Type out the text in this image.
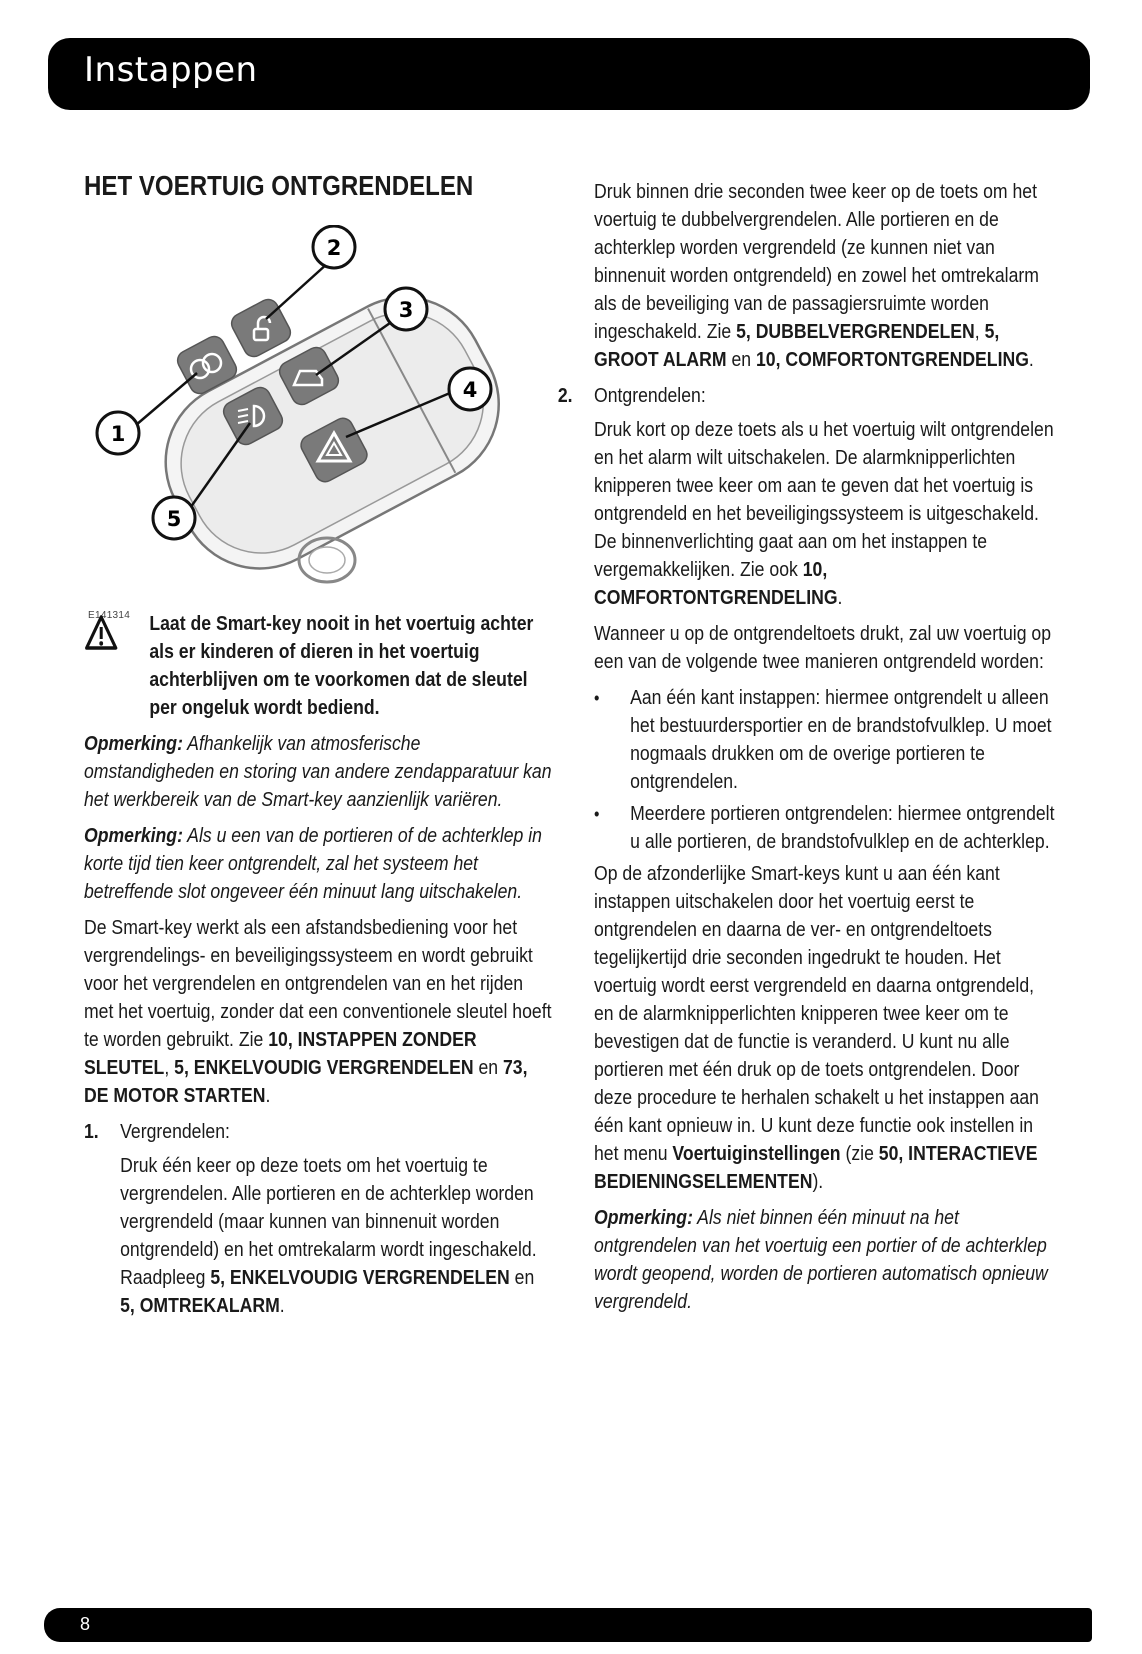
Instappen
HET VOERTUIG ONTGRENDELEN
1
2
3
4
5
E141314 Laat de Smart-key nooit in het voertuig achter als er kinderen of dieren in het voertuig achterblijven om te voorkomen dat de sleutel per ongeluk wordt bediend.

Opmerking: Afhankelijk van atmosferische omstandigheden en storing van andere zendapparatuur kan het werkbereik van de Smart-key aanzienlijk variëren.

Opmerking: Als u een van de portieren of de achterklep in korte tijd tien keer ontgrendelt, zal het systeem het betreffende slot ongeveer één minuut lang uitschakelen.

De Smart-key werkt als een afstandsbediening voor het vergrendelings- en beveiligingssysteem en wordt gebruikt voor het vergrendelen en ontgrendelen van en het rijden met het voertuig, zonder dat een conventionele sleutel hoeft te worden gebruikt. Zie 10, INSTAPPEN ZONDER SLEUTEL, 5, ENKELVOUDIG VERGRENDELEN en 73, DE MOTOR STARTEN.

1. Vergrendelen:

Druk één keer op deze toets om het voertuig te vergrendelen. Alle portieren en de achterklep worden vergrendeld (maar kunnen van binnenuit worden ontgrendeld) en het omtrekalarm wordt ingeschakeld. Raadpleeg 5, ENKELVOUDIG VERGRENDELEN en 5, OMTREKALARM.

Druk binnen drie seconden twee keer op de toets om het voertuig te dubbelvergrendelen. Alle portieren en de achterklep worden vergrendeld (ze kunnen niet van binnenuit worden ontgrendeld) en zowel het omtrekalarm als de beveiliging van de passagiersruimte worden ingeschakeld. Zie 5, DUBBELVERGRENDELEN, 5, GROOT ALARM en 10, COMFORTONTGRENDELING.

2. Ontgrendelen:

Druk kort op deze toets als u het voertuig wilt ontgrendelen en het alarm wilt uitschakelen. De alarmknipperlichten knipperen twee keer om aan te geven dat het voertuig is ontgrendeld en het beveiligingssysteem is uitgeschakeld. De binnenverlichting gaat aan om het instappen te vergemakkelijken. Zie ook 10, COMFORTONTGRENDELING.

Wanneer u op de ontgrendeltoets drukt, zal uw voertuig op een van de volgende twee manieren ontgrendeld worden:

• Aan één kant instappen: hiermee ontgrendelt u alleen het bestuurdersportier en de brandstofvulklep. U moet nogmaals drukken om de overige portieren te ontgrendelen.
• Meerdere portieren ontgrendelen: hiermee ontgrendelt u alle portieren, de brandstofvulklep en de achterklep.

Op de afzonderlijke Smart-keys kunt u aan één kant instappen uitschakelen door het voertuig eerst te ontgrendelen en daarna de ver- en ontgrendeltoets tegelijkertijd drie seconden ingedrukt te houden. Het voertuig wordt eerst vergrendeld en daarna ontgrendeld, en de alarmknipperlichten knipperen twee keer om te bevestigen dat de functie is veranderd. U kunt nu alle portieren met één druk op de toets ontgrendelen. Door deze procedure te herhalen schakelt u het instappen aan één kant opnieuw in. U kunt deze functie ook instellen in het menu Voertuiginstellingen (zie 50, INTERACTIEVE BEDIENINGSELEMENTEN).

Opmerking: Als niet binnen één minuut na het ontgrendelen van het voertuig een portier of de achterklep wordt geopend, worden de portieren automatisch opnieuw vergrendeld.

8
